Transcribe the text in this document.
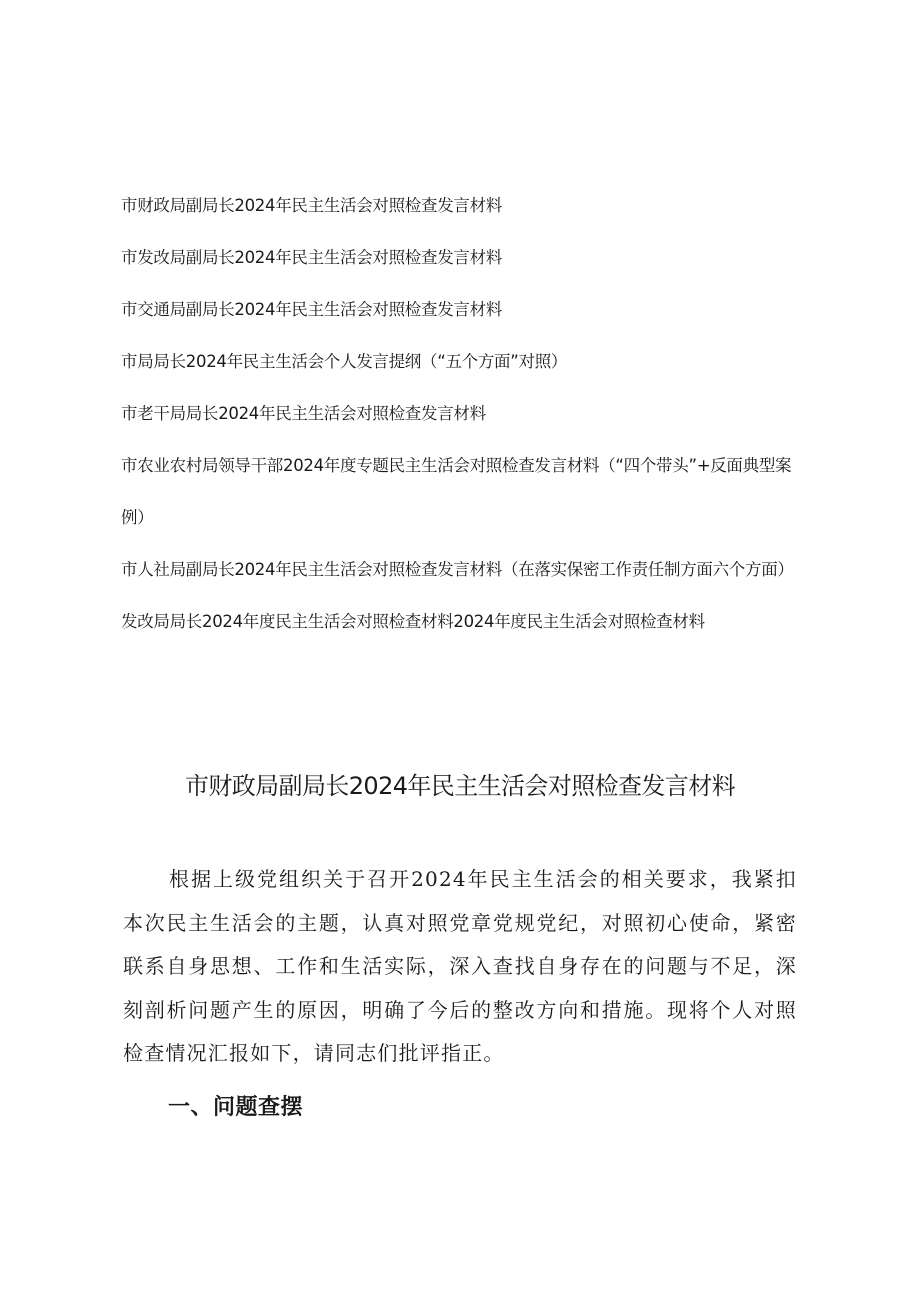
市财政局副局长2024年民主生活会对照检查发言材料
市发改局副局长2024年民主生活会对照检查发言材料
市交通局副局长2024年民主生活会对照检查发言材料
市局局长2024年民主生活会个人发言提纲（“五个方面”对照）
市老干局局长2024年民主生活会对照检查发言材料
市农业农村局领导干部2024年度专题民主生活会对照检查发言材料（“四个带头”+反面典型案例）
市人社局副局长2024年民主生活会对照检查发言材料（在落实保密工作责任制方面六个方面）
发改局局长2024年度民主生活会对照检查材料2024年度民主生活会对照检查材料
市财政局副局长2024年民主生活会对照检查发言材料

根据上级党组织关于召开2024年民主生活会的相关要求，我紧扣本次民主生活会的主题，认真对照党章党规党纪，对照初心使命，紧密联系自身思想、工作和生活实际，深入查找自身存在的问题与不足，深刻剖析问题产生的原因，明确了今后的整改方向和措施。现将个人对照检查情况汇报如下，请同志们批评指正。

一、问题查摆
